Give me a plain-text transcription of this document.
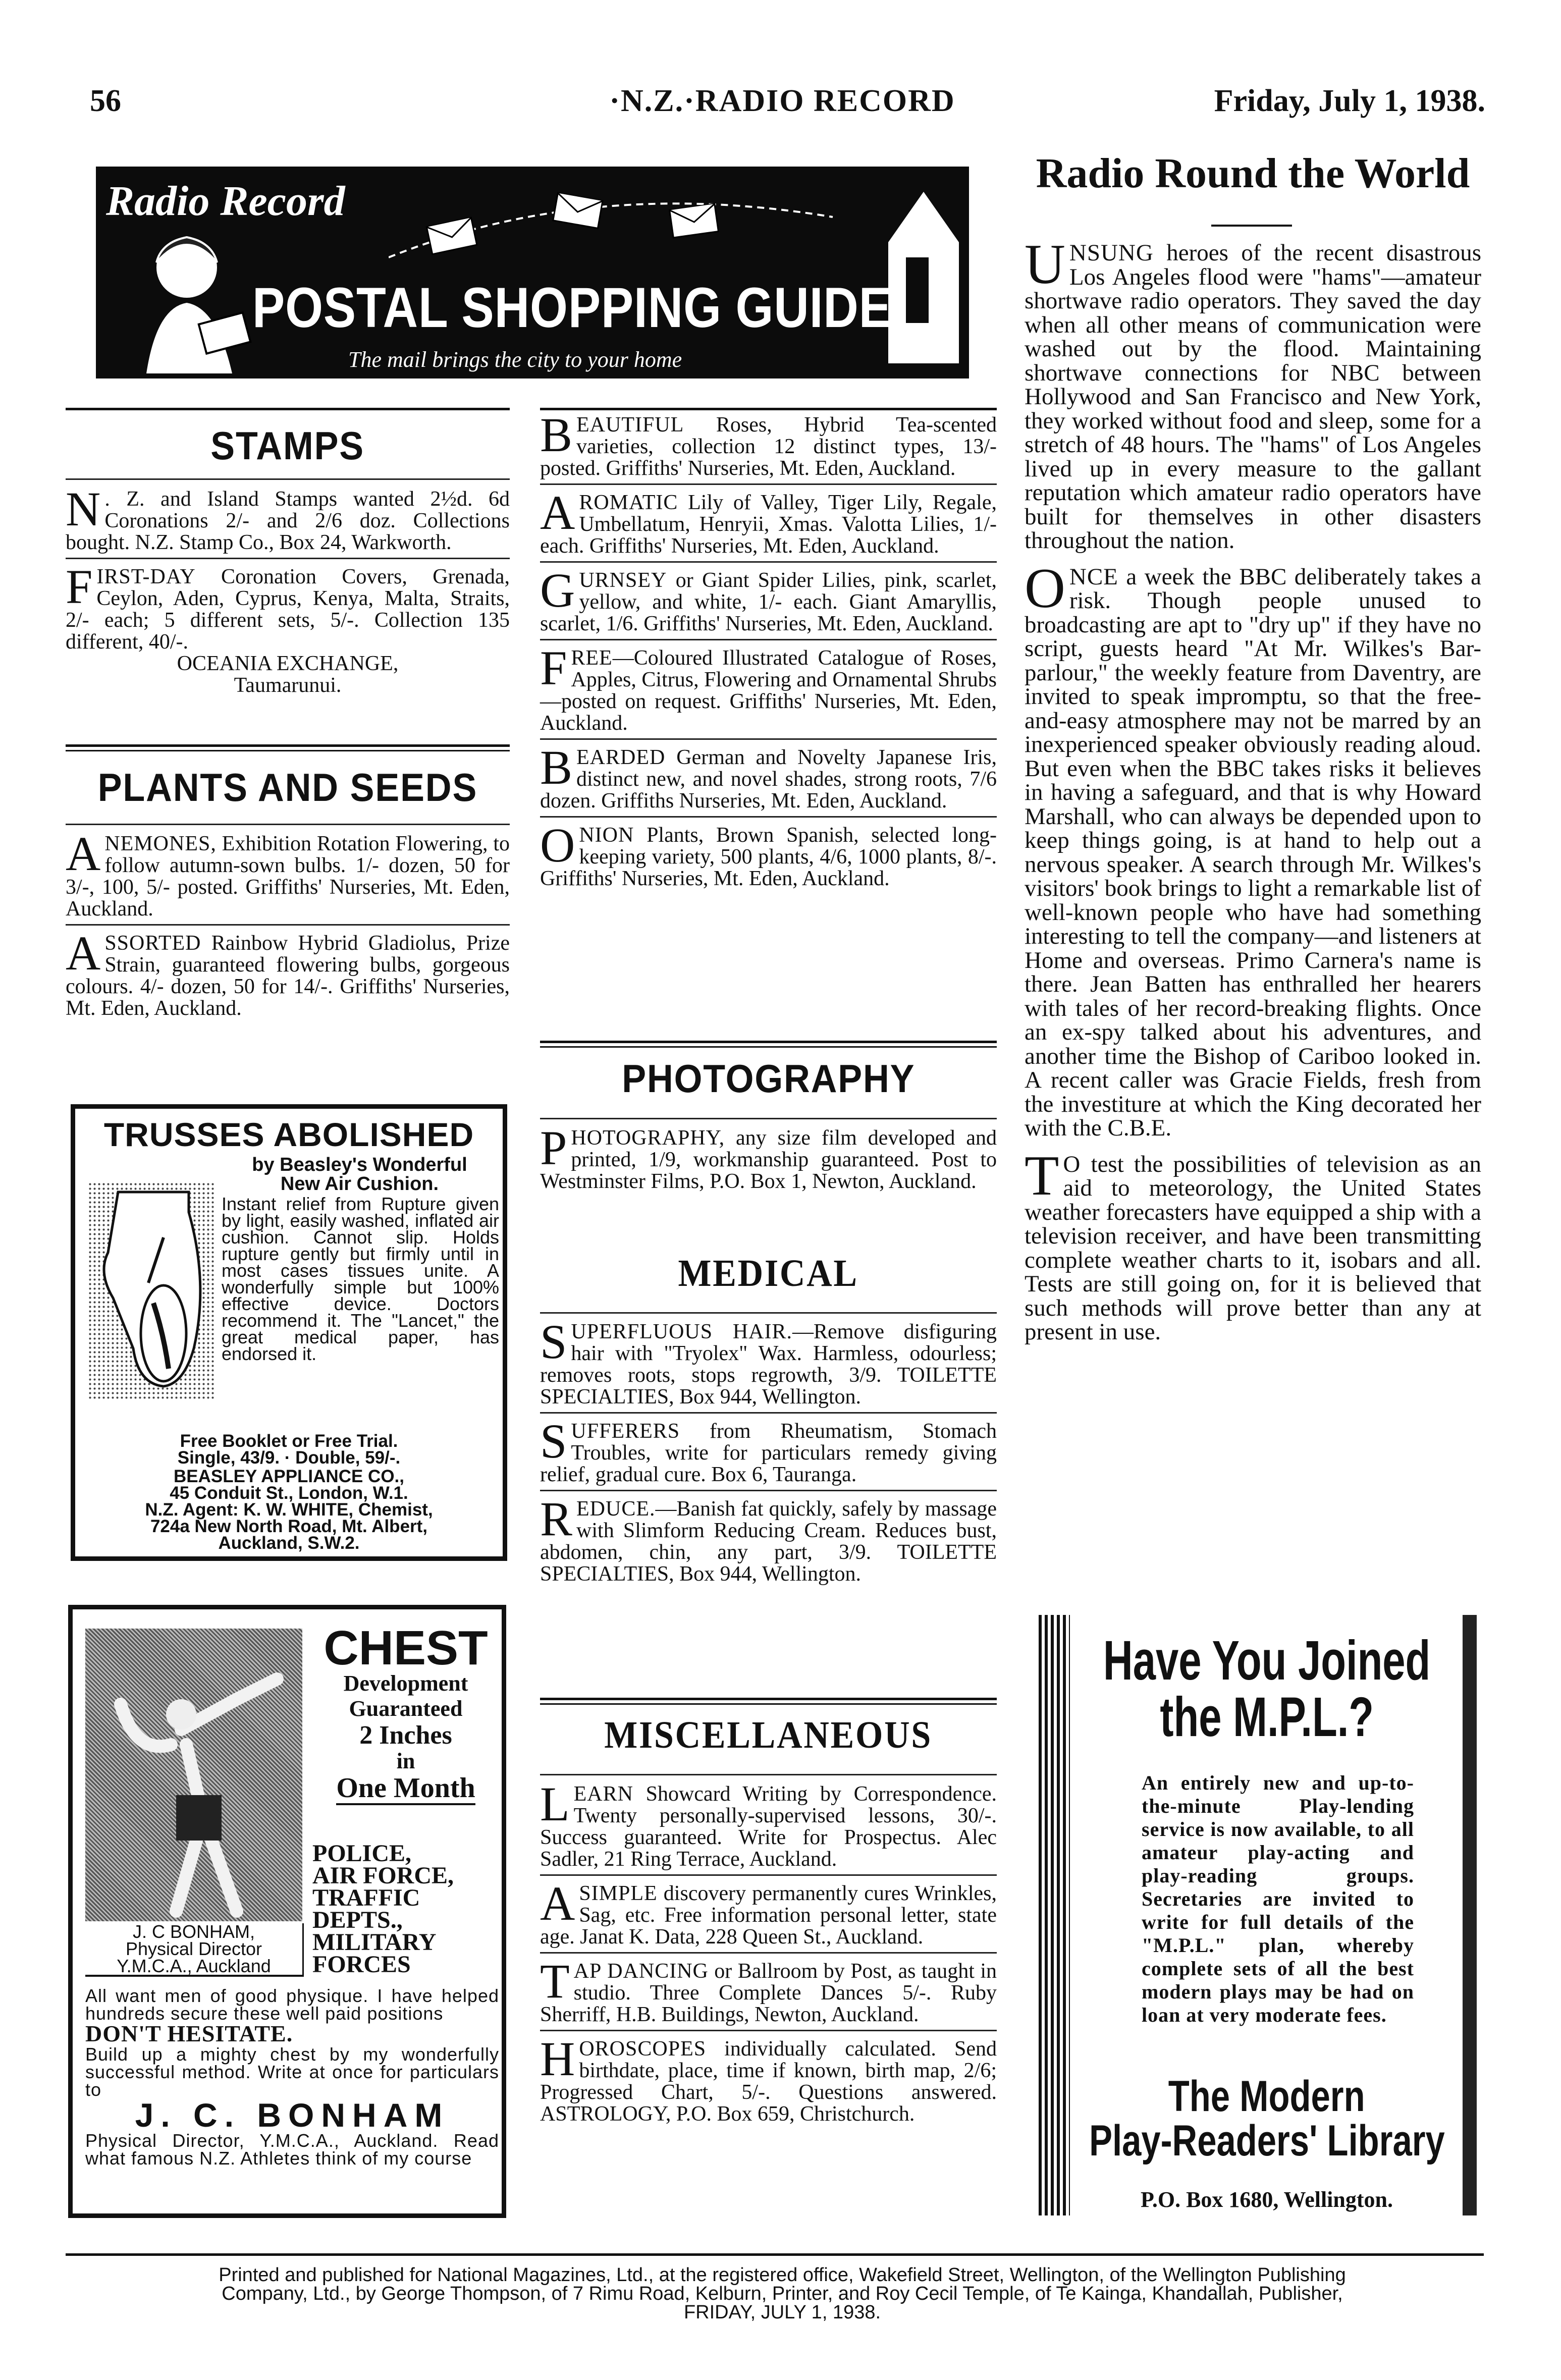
56	·N.Z.·RADIO RECORD	Friday, July 1, 1938.
Radio Record
POSTAL SHOPPING GUIDE
The mail brings the city to your home
STAMPS
N . Z. and Island Stamps wanted 2½d. 6d Coronations 2/- and 2/6 doz. Collections bought. N.Z. Stamp Co., Box 24, Warkworth.
FIRST-DAY Coronation Covers, Grenada, Ceylon, Aden, Cyprus, Kenya, Malta, Straits, 2/- each; 5 different sets, 5/-. Collection 135 different, 40/-.
OCEANIA EXCHANGE,
Taumarunui.
PLANTS AND SEEDS
ANEMONES, Exhibition Rotation Flowering, to follow autumn-sown bulbs. 1/- dozen, 50 for 3/-, 100, 5/- posted. Griffiths' Nurseries, Mt. Eden, Auckland.
ASSORTED Rainbow Hybrid Gladiolus, Prize Strain, guaranteed flowering bulbs, gorgeous colours. 4/- dozen, 50 for 14/-. Griffiths' Nurseries, Mt. Eden, Auckland.
TRUSSES ABOLISHED
by Beasley's Wonderful
New Air Cushion.
Instant relief from Rupture given by light, easily washed, inflated air cushion. Cannot slip. Holds rupture gently but firmly until in most cases tissues unite. A wonderfully simple but 100% effective device. Doctors recommend it. The "Lancet," the great medical paper, has endorsed it.
Free Booklet or Free Trial.
Single, 43/9. · Double, 59/-.
BEASLEY APPLIANCE CO.,
45 Conduit St., London, W.1.
N.Z. Agent: K. W. WHITE, Chemist,
724a New North Road, Mt. Albert,
Auckland, S.W.2.
J. C BONHAM,
Physical Director
Y.M.C.A., Auckland
CHEST
Development
Guaranteed
2 Inches
in
One Month
POLICE,
AIR FORCE,
TRAFFIC
DEPTS.,
MILITARY
FORCES
All want men of good physique. I have helped hundreds secure these well paid positions
DON'T HESITATE.
Build up a mighty chest by my wonderfully successful method. Write at once for particulars to
J. C. BONHAM
Physical Director, Y.M.C.A., Auckland. Read what famous N.Z. Athletes think of my course
BEAUTIFUL Roses, Hybrid Tea-scented varieties, collection 12 distinct types, 13/- posted. Griffiths' Nurseries, Mt. Eden, Auckland.
AROMATIC Lily of Valley, Tiger Lily, Regale, Umbellatum, Henryii, Xmas. Valotta Lilies, 1/- each. Griffiths' Nurseries, Mt. Eden, Auckland.
GURNSEY or Giant Spider Lilies, pink, scarlet, yellow, and white, 1/- each. Giant Amaryllis, scarlet, 1/6. Griffiths' Nurseries, Mt. Eden, Auckland.
FREE—Coloured Illustrated Catalogue of Roses, Apples, Citrus, Flowering and Ornamental Shrubs—posted on request. Griffiths' Nurseries, Mt. Eden, Auckland.
BEARDED German and Novelty Japanese Iris, distinct new, and novel shades, strong roots, 7/6 dozen. Griffiths Nurseries, Mt. Eden, Auckland.
ONION Plants, Brown Spanish, selected long-keeping variety, 500 plants, 4/6, 1000 plants, 8/-. Griffiths' Nurseries, Mt. Eden, Auckland.
PHOTOGRAPHY
PHOTOGRAPHY, any size film developed and printed, 1/9, workmanship guaranteed. Post to Westminster Films, P.O. Box 1, Newton, Auckland.
MEDICAL
SUPERFLUOUS HAIR.—Remove disfiguring hair with "Tryolex" Wax. Harmless, odourless; removes roots, stops regrowth, 3/9. TOILETTE SPECIALTIES, Box 944, Wellington.
SUFFERERS from Rheumatism, Stomach Troubles, write for particulars remedy giving relief, gradual cure. Box 6, Tauranga.
REDUCE.—Banish fat quickly, safely by massage with Slimform Reducing Cream. Reduces bust, abdomen, chin, any part, 3/9. TOILETTE SPECIALTIES, Box 944, Wellington.
MISCELLANEOUS
LEARN Showcard Writing by Correspondence. Twenty personally-supervised lessons, 30/-. Success guaranteed. Write for Prospectus. Alec Sadler, 21 Ring Terrace, Auckland.
A SIMPLE discovery permanently cures Wrinkles, Sag, etc. Free information personal letter, state age. Janat K. Data, 228 Queen St., Auckland.
TAP DANCING or Ballroom by Post, as taught in studio. Three Complete Dances 5/-. Ruby Sherriff, H.B. Buildings, Newton, Auckland.
HOROSCOPES individually calculated. Send birthdate, place, time if known, birth map, 2/6; Progressed Chart, 5/-. Questions answered. ASTROLOGY, P.O. Box 659, Christchurch.
Radio Round the World

UNSUNG heroes of the recent disastrous Los Angeles flood were "hams"—amateur shortwave radio operators. They saved the day when all other means of communication were washed out by the flood. Maintaining shortwave connections for NBC between Hollywood and San Francisco and New York, they worked without food and sleep, some for a stretch of 48 hours. The "hams" of Los Angeles lived up in every measure to the gallant reputation which amateur radio operators have built for themselves in other disasters throughout the nation.

ONCE a week the BBC deliberately takes a risk. Though people unused to broadcasting are apt to "dry up" if they have no script, guests heard "At Mr. Wilkes's Bar-parlour," the weekly feature from Daventry, are invited to speak impromptu, so that the free-and-easy atmosphere may not be marred by an inexperienced speaker obviously reading aloud. But even when the BBC takes risks it believes in having a safeguard, and that is why Howard Marshall, who can always be depended upon to keep things going, is at hand to help out a nervous speaker. A search through Mr. Wilkes's visitors' book brings to light a remarkable list of well-known people who have had something interesting to tell the company—and listeners at Home and overseas. Primo Carnera's name is there. Jean Batten has enthralled her hearers with tales of her record-breaking flights. Once an ex-spy talked about his adventures, and another time the Bishop of Cariboo looked in. A recent caller was Gracie Fields, fresh from the investiture at which the King decorated her with the C.B.E.

T O test the possibilities of television as an aid to meteorology, the United States weather forecasters have equipped a ship with a television receiver, and have been transmitting complete weather charts to it, isobars and all. Tests are still going on, for it is believed that such methods will prove better than any at present in use.

Have You Joined
the M.P.L.?
An entirely new and up-to-the-minute Play-lending service is now available, to all amateur play-acting and play-reading groups. Secretaries are invited to write for full details of the "M.P.L." plan, whereby complete sets of all the best modern plays may be had on loan at very moderate fees.
The Modern
Play-Readers' Library
P.O. Box 1680, Wellington.
Printed and published for National Magazines, Ltd., at the registered office, Wakefield Street, Wellington, of the Wellington Publishing
Company, Ltd., by George Thompson, of 7 Rimu Road, Kelburn, Printer, and Roy Cecil Temple, of Te Kainga, Khandallah, Publisher,
FRIDAY, JULY 1, 1938.
